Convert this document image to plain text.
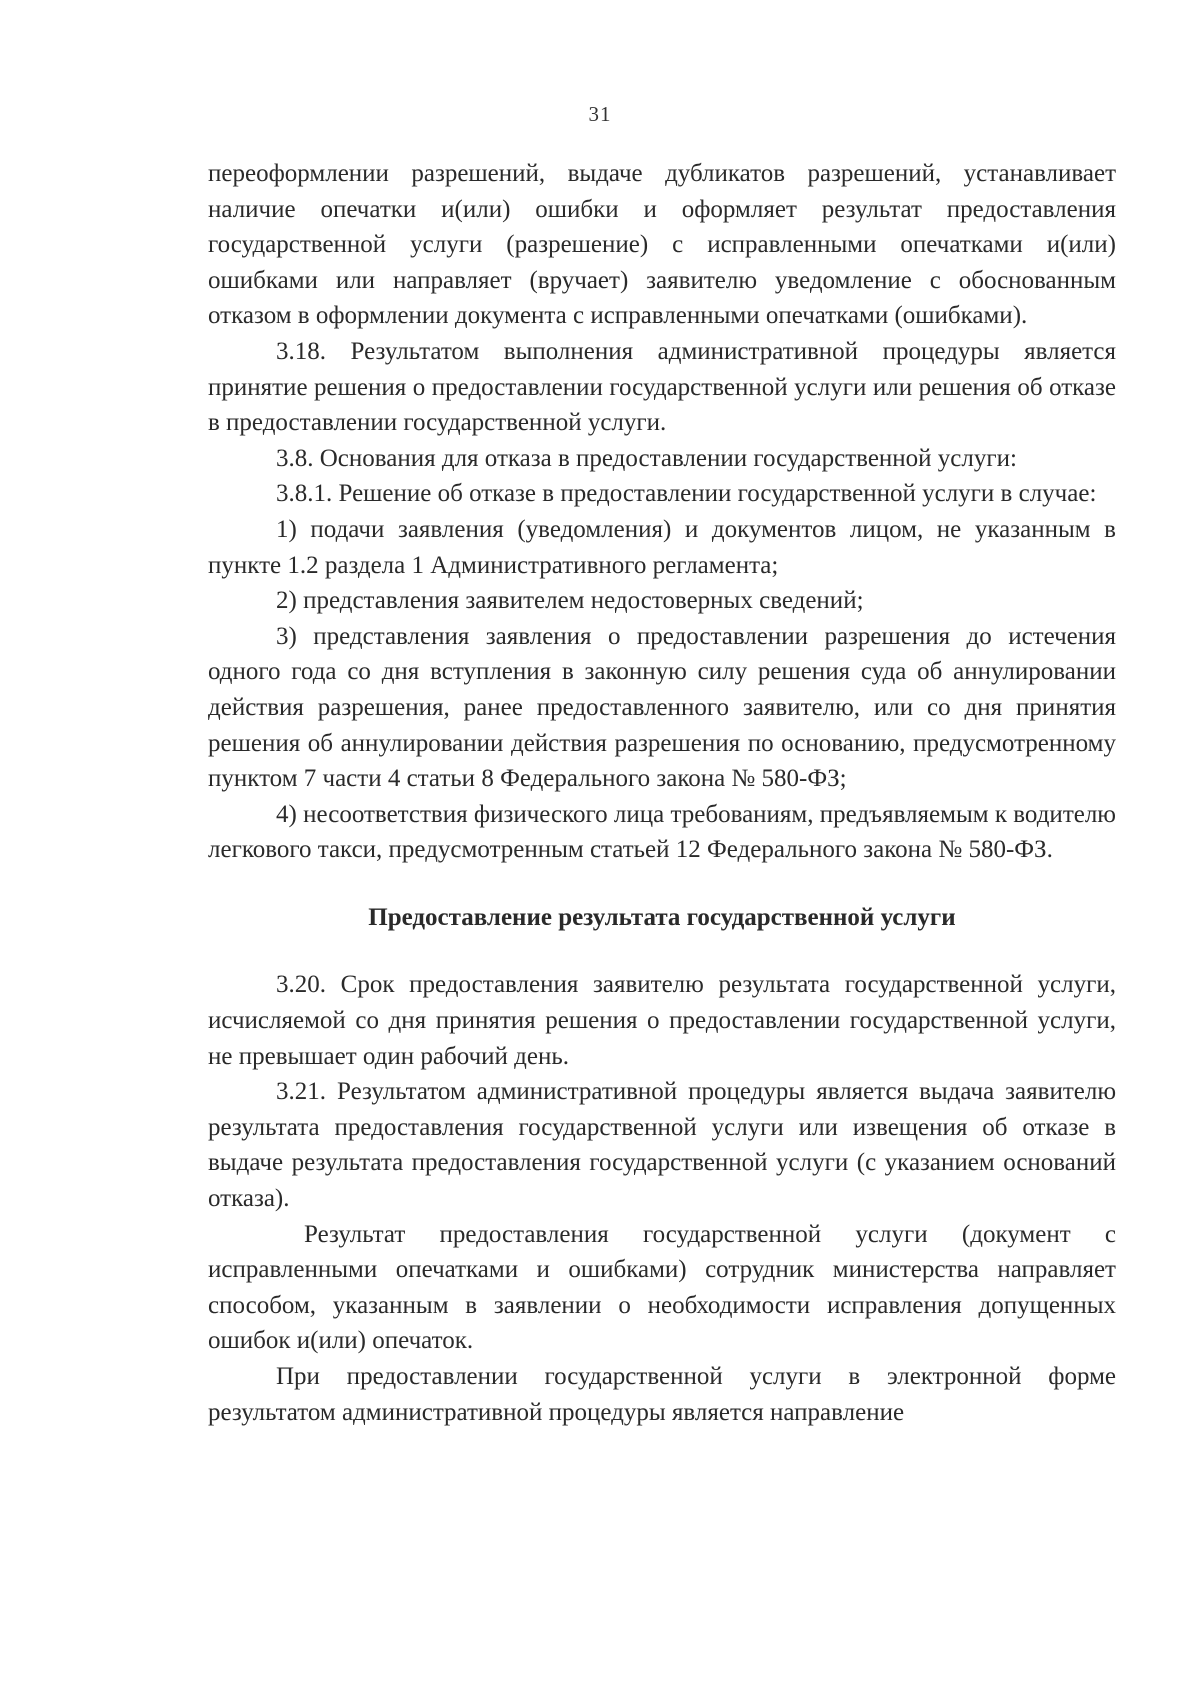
31

переоформлении разрешений, выдаче дубликатов разрешений, устанавливает наличие опечатки и(или) ошибки и оформляет результат предоставления государственной услуги (разрешение) с исправленными опечатками и(или) ошибками или направляет (вручает) заявителю уведомление с обоснованным отказом в оформлении документа с исправленными опечатками (ошибками).

3.18. Результатом выполнения административной процедуры является принятие решения о предоставлении государственной услуги или решения об отказе в предоставлении государственной услуги.

3.8. Основания для отказа в предоставлении государственной услуги:

3.8.1. Решение об отказе в предоставлении государственной услуги в случае:

1) подачи заявления (уведомления) и документов лицом, не указанным в пункте 1.2 раздела 1 Административного регламента;

2) представления заявителем недостоверных сведений;

3) представления заявления о предоставлении разрешения до истечения одного года со дня вступления в законную силу решения суда об аннулировании действия разрешения, ранее предоставленного заявителю, или со дня принятия решения об аннулировании действия разрешения по основанию, предусмотренному пунктом 7 части 4 статьи 8 Федерального закона № 580-ФЗ;

4) несоответствия физического лица требованиям, предъявляемым к водителю легкового такси, предусмотренным статьей 12 Федерального закона № 580-ФЗ.

Предоставление результата государственной услуги

3.20. Срок предоставления заявителю результата государственной услуги, исчисляемой со дня принятия решения о предоставлении государственной услуги, не превышает один рабочий день.

3.21. Результатом административной процедуры является выдача заявителю результата предоставления государственной услуги или извещения об отказе в выдаче результата предоставления государственной услуги (с указанием оснований отказа).

Результат предоставления государственной услуги (документ с исправленными опечатками и ошибками) сотрудник министерства направляет способом, указанным в заявлении о необходимости исправления допущенных ошибок и(или) опечаток.

При предоставлении государственной услуги в электронной форме результатом административной процедуры является направление
